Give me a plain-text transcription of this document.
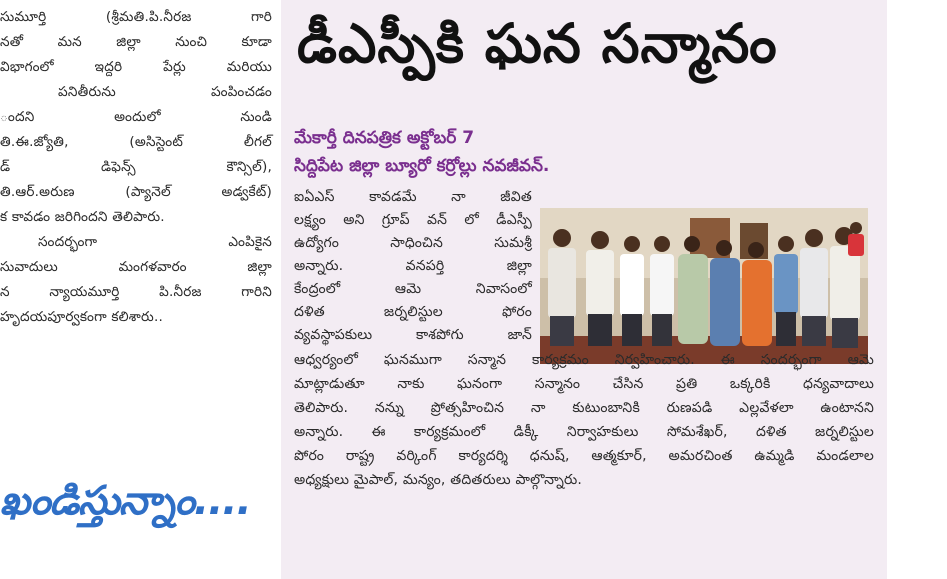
సుమూర్తి (శ్రీమతి.పి.నీరజ గారి
నతో మన జిల్లా నుంచి కూడా
విభాగంలో ఇద్దరి పేర్లు మరియు
పనితీరును పంపించడం
ందని అందులో నుండి
తి.ఈ.జ్యోతి, (అసిస్టెంట్ లీగల్
డ్ డిఫెన్స్ కౌన్సిల్),
తి.ఆర్.అరుణ (ప్యానెల్ అడ్వకేట్)
క కావడం జరిగిందని తెలిపారు.
సందర్భంగా ఎంపికైన
సువాదులు మంగళవారం జిల్లా
న న్యాయమూర్తి పి.నీరజ గారిని
హృదయపూర్వకంగా కలిశారు..
ఖండిస్తున్నాం....
డీఎస్పీకి ఘన సన్మానం
మేకార్తీ దినపత్రిక అక్టోబర్ 7
సిద్దిపేట జిల్లా బ్యూరో కర్రోల్లు నవజీవన్.
ఐఏఎస్ కావడమే నా జీవిత
లక్ష్యం అని గ్రూప్ వన్ లో డీఎస్పీ
ఉద్యోగం సాధించిన సుమశ్రీ
అన్నారు. వనపర్తి జిల్లా
కేంద్రంలో ఆమె నివాసంలో
దళిత జర్నలిస్టుల ఫోరం
వ్యవస్థాపకులు కాశపోగు జాన్
ఆధ్వర్యంలో ఘనముగా సన్మాన కార్యక్రమం నిర్వహించారు. ఈ సందర్భంగా ఆమె
మాట్లాడుతూ నాకు ఘనంగా సన్మానం చేసిన ప్రతి ఒక్కరికి ధన్యవాదాలు
తెలిపారు. నన్ను ప్రోత్సహించిన నా కుటుంబానికి రుణపడి ఎల్లవేళలా ఉంటానని
అన్నారు. ఈ కార్యక్రమంలో డిక్కీ నిర్వాహకులు సోమశేఖర్, దళిత జర్నలిస్టుల
పోరం రాష్ట్ర వర్కింగ్ కార్యదర్శి ధనుష్, ఆత్మకూర్, అమరచింత ఉమ్మడి మండలాల
అధ్యక్షులు మైపాల్, మన్యం, తదితరులు పాల్గొన్నారు.
